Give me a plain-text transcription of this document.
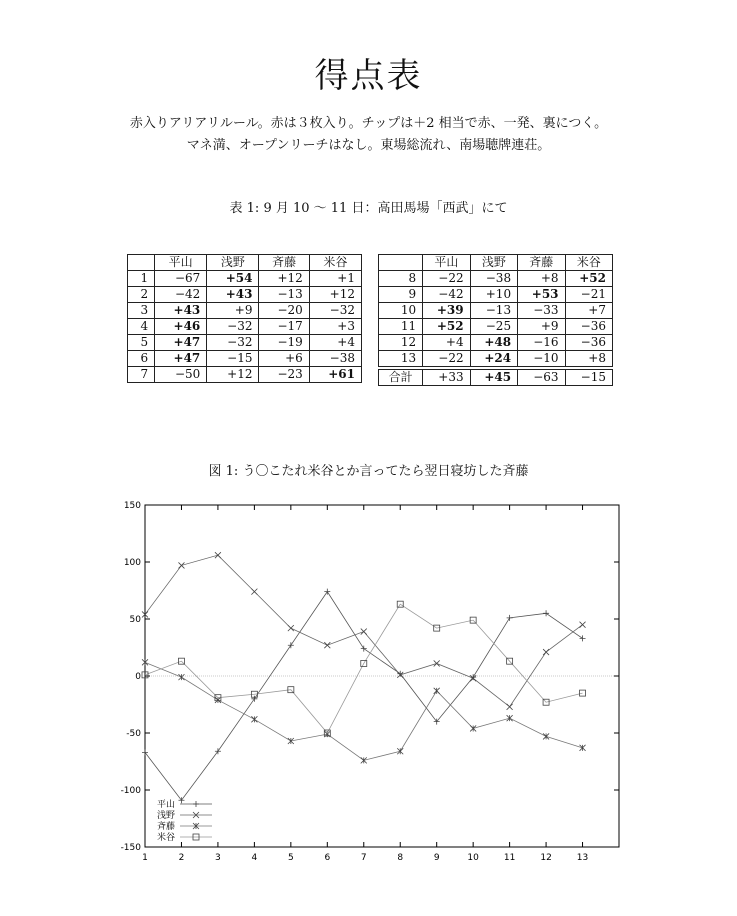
得点表
赤入りアリアリルール。赤は３枚入り。チップは＋2 相当で赤、一発、裏につく。
マネ満、オープンリーチはなし。東場総流れ、南場聴牌連荘。
表 1: 9 月 10 〜 11 日：高田馬場「西武」にて
	平山	浅野	斉藤	米谷
1	−67	+54	+12	+1
2	−42	+43	−13	+12
3	+43	+9	−20	−32
4	+46	−32	−17	+3
5	+47	−32	−19	+4
6	+47	−15	+6	−38
7	−50	+12	−23	+61
	平山	浅野	斉藤	米谷
8	−22	−38	+8	+52
9	−42	+10	+53	−21
10	+39	−13	−33	+7
11	+52	−25	+9	−36
12	+4	+48	−16	−36
13	−22	+24	−10	+8

合計	+33	+45	−63	−15
図 1: う〇こたれ米谷とか言ってたら翌日寝坊した斉藤
150
100
50
0
-50
-100
-150
1	2	3	4	5	6	7	8	9	10	11	12	13
平山
浅野
斉藤
米谷
